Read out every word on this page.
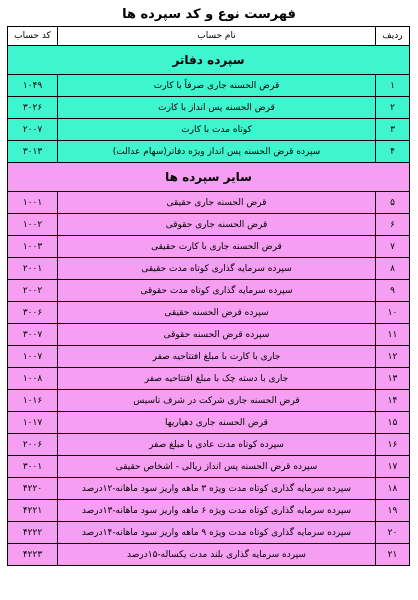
فهرست نوع و کد سپرده ها
ردیف	نام حساب	کد حساب
سپرده دفاتر		
۱	قرض الحسنه جاری صرفاً با کارت	۱۰۴۹
۲	قرض الحسنه پس انداز با کارت	۳۰۲۶
۳	کوتاه مدت با کارت	۲۰۰۷
۴	سپرده قرض الحسنه پس انداز ویژه دفاتر(سهام عدالت)	۳۰۱۳
سایر سپرده ها		
۵	قرض الحسنه جاری حقیقی	۱۰۰۱
۶	قرض الحسنه جاری حقوقی	۱۰۰۲
۷	قرض الحسنه جاری با کارت حقیقی	۱۰۰۳
۸	سپرده سرمایه گذاری کوتاه مدت حقیقی	۲۰۰۱
۹	سپرده سرمایه گذاری کوتاه مدت حقوقی	۲۰۰۲
۱۰	سپرده قرض الحسنه حقیقی	۳۰۰۶
۱۱	سپرده قرض الحسنه حقوقی	۳۰۰۷
۱۲	جاری با کارت با مبلغ افتتاحیه صفر	۱۰۰۷
۱۳	جاری با دسته چک با مبلغ افتتاحیه صفر	۱۰۰۸
۱۴	قرض الحسنه جاری شرکت در شرف تاسیس	۱۰۱۶
۱۵	قرض الحسنه جاری دهیاریها	۱۰۱۷
۱۶	سپرده کوتاه مدت عادی با مبلغ صفر	۲۰۰۶
۱۷	سپرده قرض الحسنه پس انداز ریالی - اشخاص حقیقی	۳۰۰۱
۱۸	سپرده سرمایه گذاری کوتاه مدت ویژه ۳ ماهه واریز سود ماهانه-۱۲درصد	۴۲۲۰
۱۹	سپرده سرمایه گذاری کوتاه مدت ویژه ۶ ماهه واریز سود ماهانه-۱۳درصد	۴۲۲۱
۲۰	سپرده سرمایه گذاری کوتاه مدت ویژه ۹ ماهه واریز سود ماهانه-۱۴درصد	۴۲۲۲
۲۱	سپرده سرمایه گذاری بلند مدت یکساله-۱۵درصد	۴۲۲۳
